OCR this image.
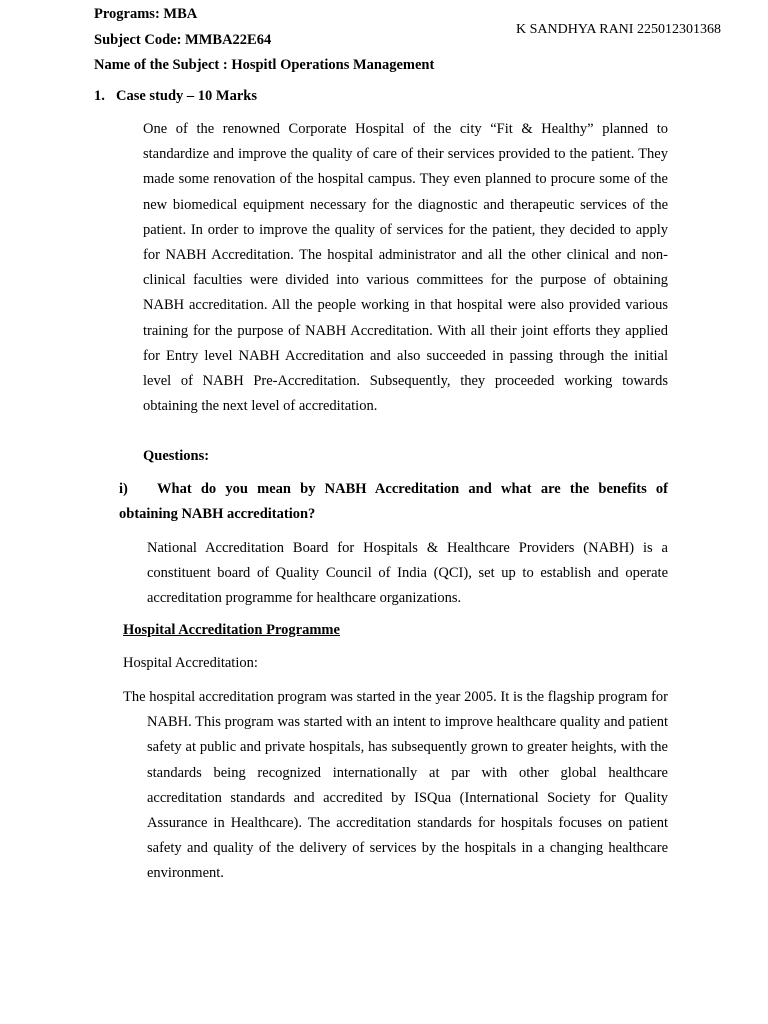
Programs: MBA
Subject Code: MMBA22E64
Name of the Subject : Hospitl Operations Management
K SANDHYA RANI 225012301368
1. Case study – 10 Marks

One of the renowned Corporate Hospital of the city “Fit & Healthy” planned to standardize and improve the quality of care of their services provided to the patient. They made some renovation of the hospital campus. They even planned to procure some of the new biomedical equipment necessary for the diagnostic and therapeutic services of the patient. In order to improve the quality of services for the patient, they decided to apply for NABH Accreditation. The hospital administrator and all the other clinical and non- clinical faculties were divided into various committees for the purpose of obtaining NABH accreditation. All the people working in that hospital were also provided various training for the purpose of NABH Accreditation. With all their joint efforts they applied for Entry level NABH Accreditation and also succeeded in passing through the initial level of NABH Pre-Accreditation. Subsequently, they proceeded working towards obtaining the next level of accreditation.

Questions:
i) What do you mean by NABH Accreditation and what are the benefits of
obtaining NABH accreditation?

National Accreditation Board for Hospitals & Healthcare Providers (NABH) is a constituent board of Quality Council of India (QCI), set up to establish and operate accreditation programme for healthcare organizations.

Hospital Accreditation Programme
Hospital Accreditation:

The hospital accreditation program was started in the year 2005. It is the flagship program for NABH. This program was started with an intent to improve healthcare quality and patient safety at public and private hospitals, has subsequently grown to greater heights, with the standards being recognized internationally at par with other global healthcare accreditation standards and accredited by ISQua (International Society for Quality Assurance in Healthcare). The accreditation standards for hospitals focuses on patient safety and quality of the delivery of services by the hospitals in a changing healthcare environment.
